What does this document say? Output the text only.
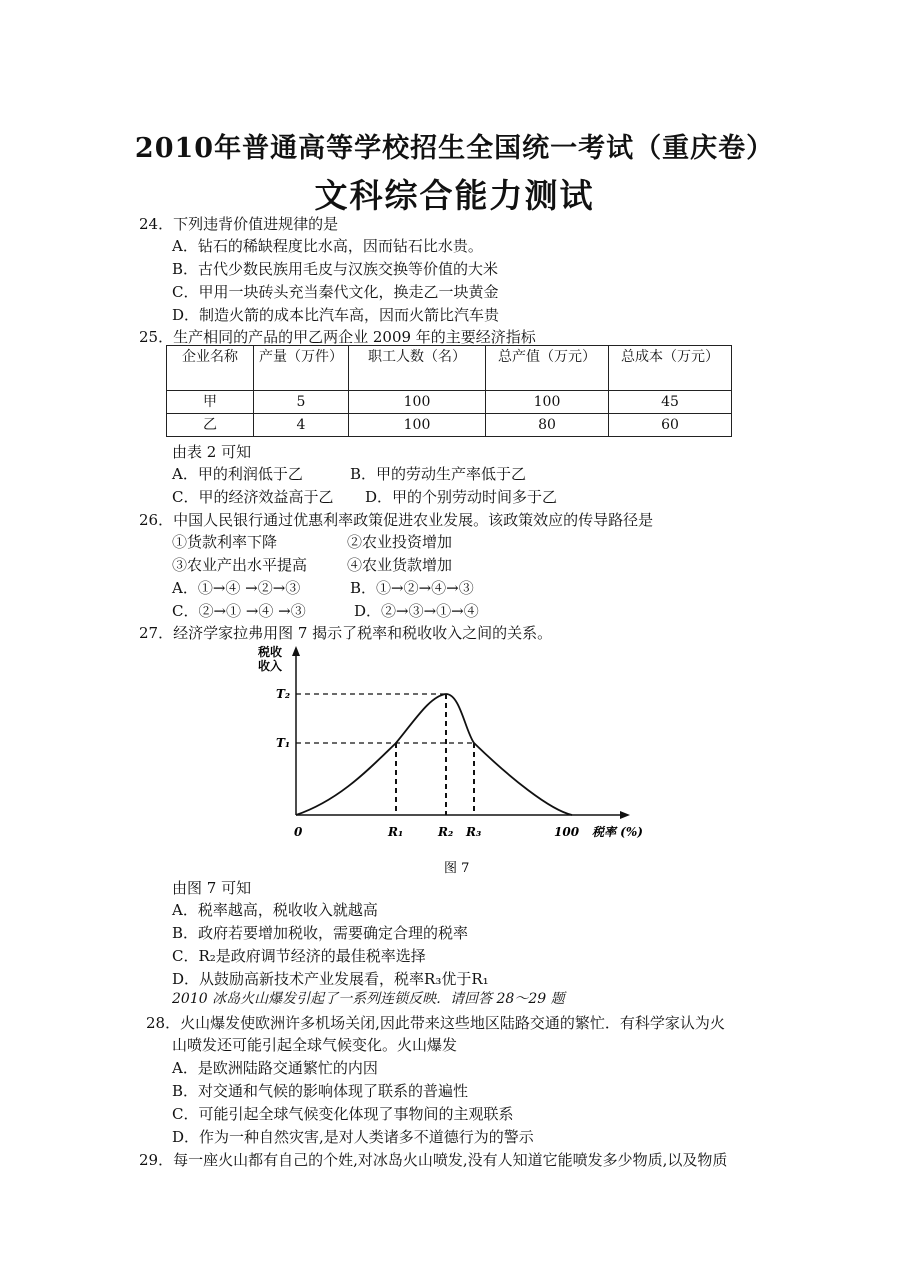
2010年普通高等学校招生全国统一考试（重庆卷）
文科综合能力测试
24．下列违背价值进规律的是
A．钻石的稀缺程度比水高，因而钻石比水贵。
B．古代少数民族用毛皮与汉族交换等价值的大米
C．甲用一块砖头充当秦代文化，换走乙一块黄金
D．制造火箭的成本比汽车高，因而火箭比汽车贵
25．生产相同的产品的甲乙两企业 2009 年的主要经济指标
企业名称	产量（万件）	职工人数（名）	总产值（万元）	总成本（万元）
甲	5	100	100	45
乙	4	100	80	60
由表 2 可知
A．甲的利润低于乙	B．甲的劳动生产率低于乙
C．甲的经济效益高于乙 D．甲的个别劳动时间多于乙
26．中国人民银行通过优惠利率政策促进农业发展。该政策效应的传导路径是
①货款利率下降	②农业投资增加
③农业产出水平提高	④农业货款增加
A．①→④ →②→③	B．①→②→④→③
C．②→① →④ →③	D．②→③→①→④
27．经济学家拉弗用图 7 揭示了税率和税收收入之间的关系。
税收
收入
T₂
T₁
0	R₁	R₂ R₃	100 税率 (%)
图 7
由图 7 可知
A．税率越高，税收收入就越高
B．政府若要增加税收，需要确定合理的税率
C．R₂是政府调节经济的最佳税率选择
D．从鼓励高新技术产业发展看，税率R₃优于R₁
2010 冰岛火山爆发引起了一系列连锁反映．请回答 28～29 题
28．火山爆发使欧洲许多机场关闭,因此带来这些地区陆路交通的繁忙．有科学家认为火
山喷发还可能引起全球气候变化。火山爆发
A．是欧洲陆路交通繁忙的内因
B．对交通和气候的影响体现了联系的普遍性
C．可能引起全球气候变化体现了事物间的主观联系
D．作为一种自然灾害,是对人类诸多不道德行为的警示
29．每一座火山都有自己的个姓,对冰岛火山喷发,没有人知道它能喷发多少物质,以及物质
